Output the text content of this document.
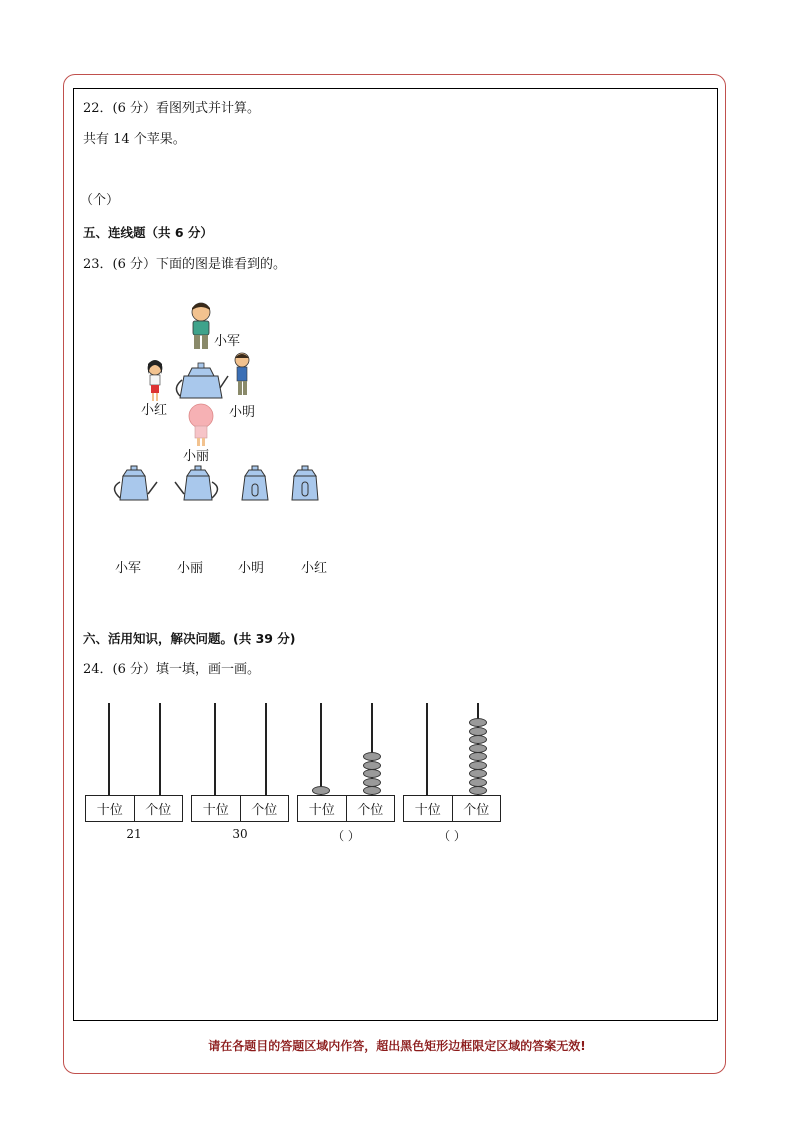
22．(6 分）看图列式并计算。
共有 14 个苹果。
（个）
五、连线题（共 6 分）
23．(6 分）下面的图是谁看到的。
小军
小红	小明
小丽
小军	小丽	小明	小红
六、活用知识，解决问题。(共 39 分)
24．(6 分）填一填，画一画。
十位	个位
21
十位	个位
30
十位	个位
（ ）
十位	个位
（ ）
请在各题目的答题区域内作答，超出黑色矩形边框限定区域的答案无效!
